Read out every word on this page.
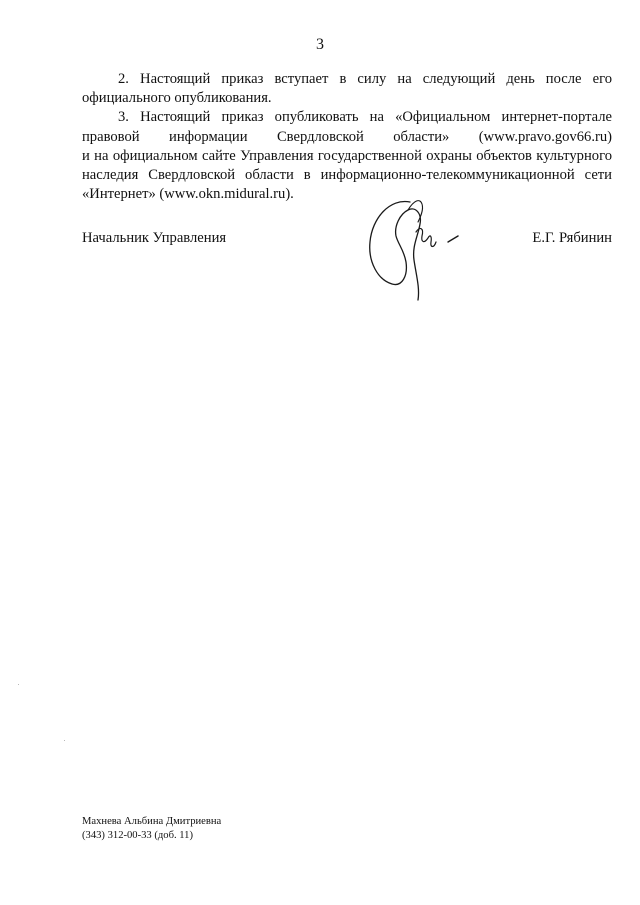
3

2. Настоящий приказ вступает в силу на следующий день после его
официального опубликования.

3. Настоящий приказ опубликовать на «Официальном интернет-портале
правовой информации Свердловской области» (www.pravo.gov66.ru)
и на официальном сайте Управления государственной охраны объектов культурного наследия Свердловской области в информационно-телекоммуникационной сети «Интернет» (www.okn.midural.ru).

Начальник Управления	Е.Г. Рябинин
Махнева Альбина Дмитриевна
(343) 312-00-33 (доб. 11)
